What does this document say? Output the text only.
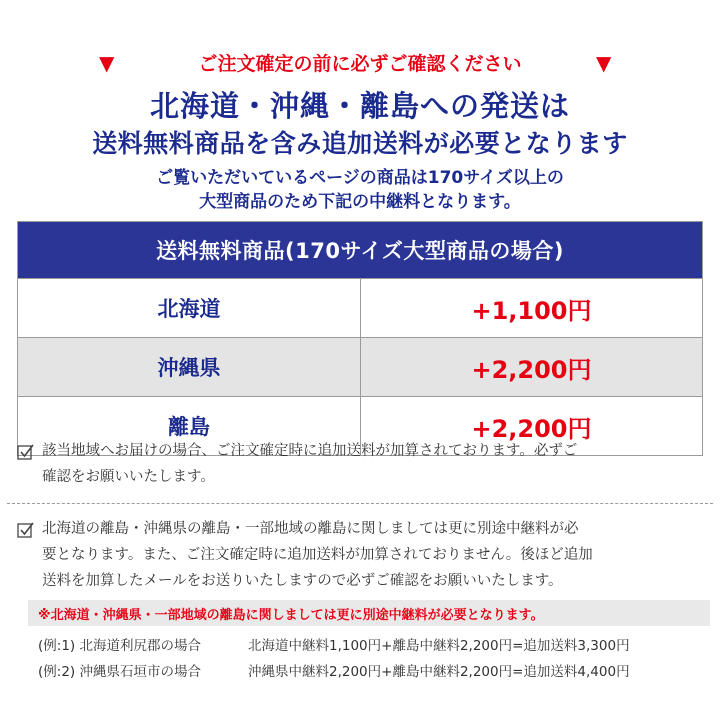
▼	ご注文確定の前に必ずご確認ください	▼
北海道・沖縄・離島への発送は
送料無料商品を含み追加送料が必要となります
ご覧いただいているページの商品は170サイズ以上の
大型商品のため下記の中継料となります。
送料無料商品(170サイズ大型商品の場合)
北海道	+1,100円
沖縄県	+2,200円
離島	+2,200円
該当地域へお届けの場合、ご注文確定時に追加送料が加算されております。必ずご
確認をお願いいたします。
北海道の離島・沖縄県の離島・一部地域の離島に関しましては更に別途中継料が必
要となります。また、ご注文確定時に追加送料が加算されておりません。後ほど追加
送料を加算したメールをお送りいたしますので必ずご確認をお願いいたします。
※北海道・沖縄県・一部地域の離島に関しましては更に別途中継料が必要となります。
(例:1) 北海道利尻郡の場合	北海道中継料1,100円+離島中継料2,200円=追加送料3,300円
(例:2) 沖縄県石垣市の場合	沖縄県中継料2,200円+離島中継料2,200円=追加送料4,400円
